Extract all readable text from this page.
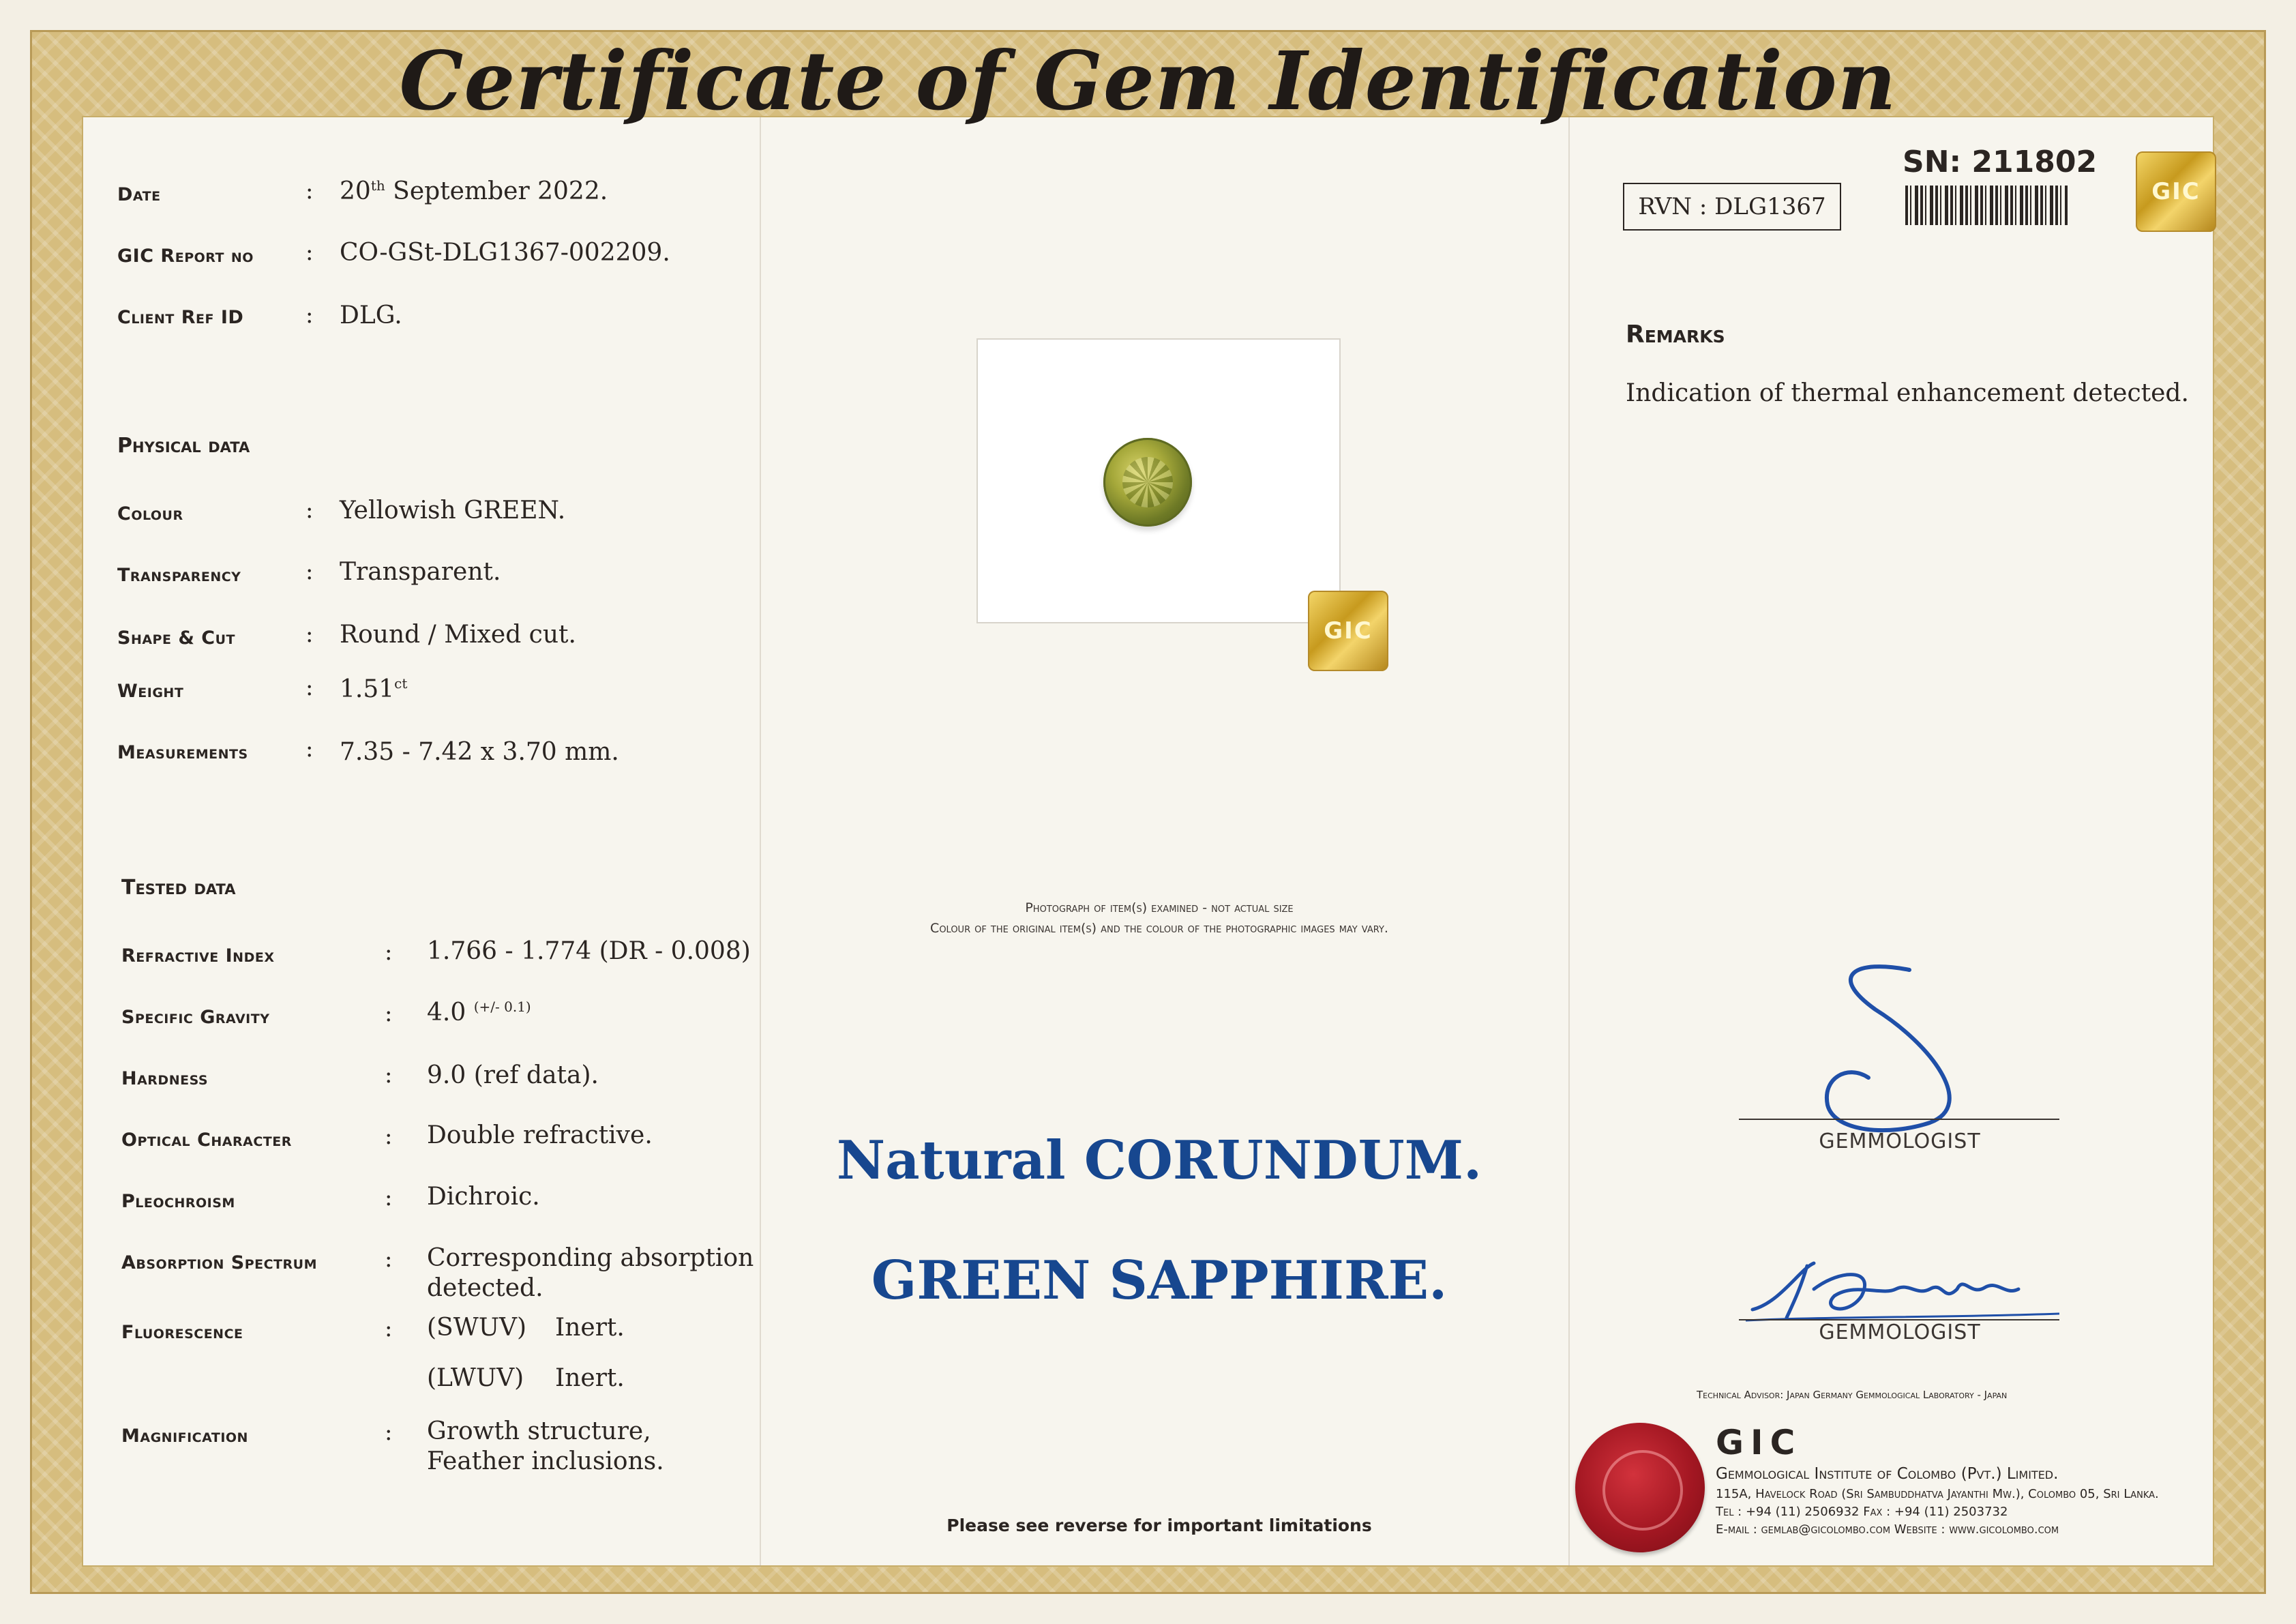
Certificate of Gem Identification
Date	: 20th September 2022.
GIC Report no : CO-GSt-DLG1367-002209.
Client Ref ID	: DLG.
Physical data
Colour	: Yellowish GREEN.
Transparency	: Transparent.
Shape & Cut	: Round / Mixed cut.
Weight	: $1.51^{ct}$
Measurements : 7.35 - 7.42 x 3.70 mm.
Tested data
Refractive Index	: 1.766 - 1.774 (DR - 0.008)
Specific Gravity	: 4.0 $^{(+/- 0.1)}$
Hardness	: 9.0 (ref data).
Optical Character	: Double refractive.
Pleochroism	: Dichroic.
Absorption Spectrum	: Corresponding absorption
detected.
Fluorescence	: (SWUV) Inert.
(LWUV) Inert.
Magnification	: Growth structure,
Feather inclusions.
GIC
Photograph of item(s) examined - not actual size
Colour of the original item(s) and the colour of the photographic images may vary.
Natural CORUNDUM.
GREEN SAPPHIRE.
Please see reverse for important limitations
RVN : DLG1367
SN: 211802
GIC
Remarks
Indication of thermal enhancement detected.
GEMMOLOGIST
GEMMOLOGIST
Technical Advisor: Japan Germany Gemmological Laboratory - Japan
GIC
Gemmological Institute of Colombo (Pvt.) Limited.
115A, Havelock Road (Sri Sambuddhatva Jayanthi Mw.), Colombo 05, Sri Lanka.
Tel : +94 (11) 2506932 Fax : +94 (11) 2503732
E-mail : gemlab@gicolombo.com Website : www.gicolombo.com
